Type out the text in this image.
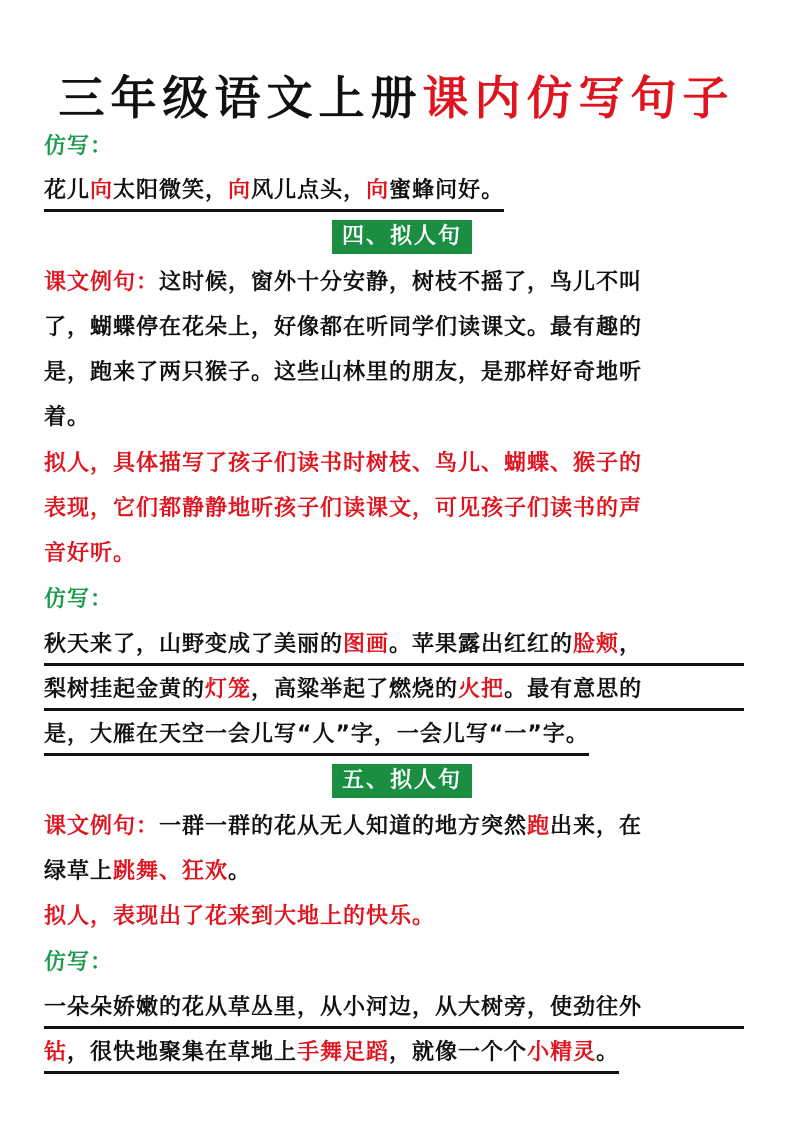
三年级语文上册课内仿写句子
仿写：
花儿向太阳微笑，向风儿点头，向蜜蜂问好。
四、拟人句
课文例句：这时候，窗外十分安静，树枝不摇了，鸟儿不叫
了，蝴蝶停在花朵上，好像都在听同学们读课文。最有趣的
是，跑来了两只猴子。这些山林里的朋友，是那样好奇地听
着。
拟人，具体描写了孩子们读书时树枝、鸟儿、蝴蝶、猴子的
表现，它们都静静地听孩子们读课文，可见孩子们读书的声
音好听。
仿写：
秋天来了，山野变成了美丽的图画。苹果露出红红的脸颊，
梨树挂起金黄的灯笼，高粱举起了燃烧的火把。最有意思的
是，大雁在天空一会儿写“人”字，一会儿写“一”字。
五、拟人句
课文例句：一群一群的花从无人知道的地方突然跑出来，在
绿草上跳舞、狂欢。
拟人，表现出了花来到大地上的快乐。
仿写：
一朵朵娇嫩的花从草丛里，从小河边，从大树旁，使劲往外
钻，很快地聚集在草地上手舞足蹈，就像一个个小精灵。
